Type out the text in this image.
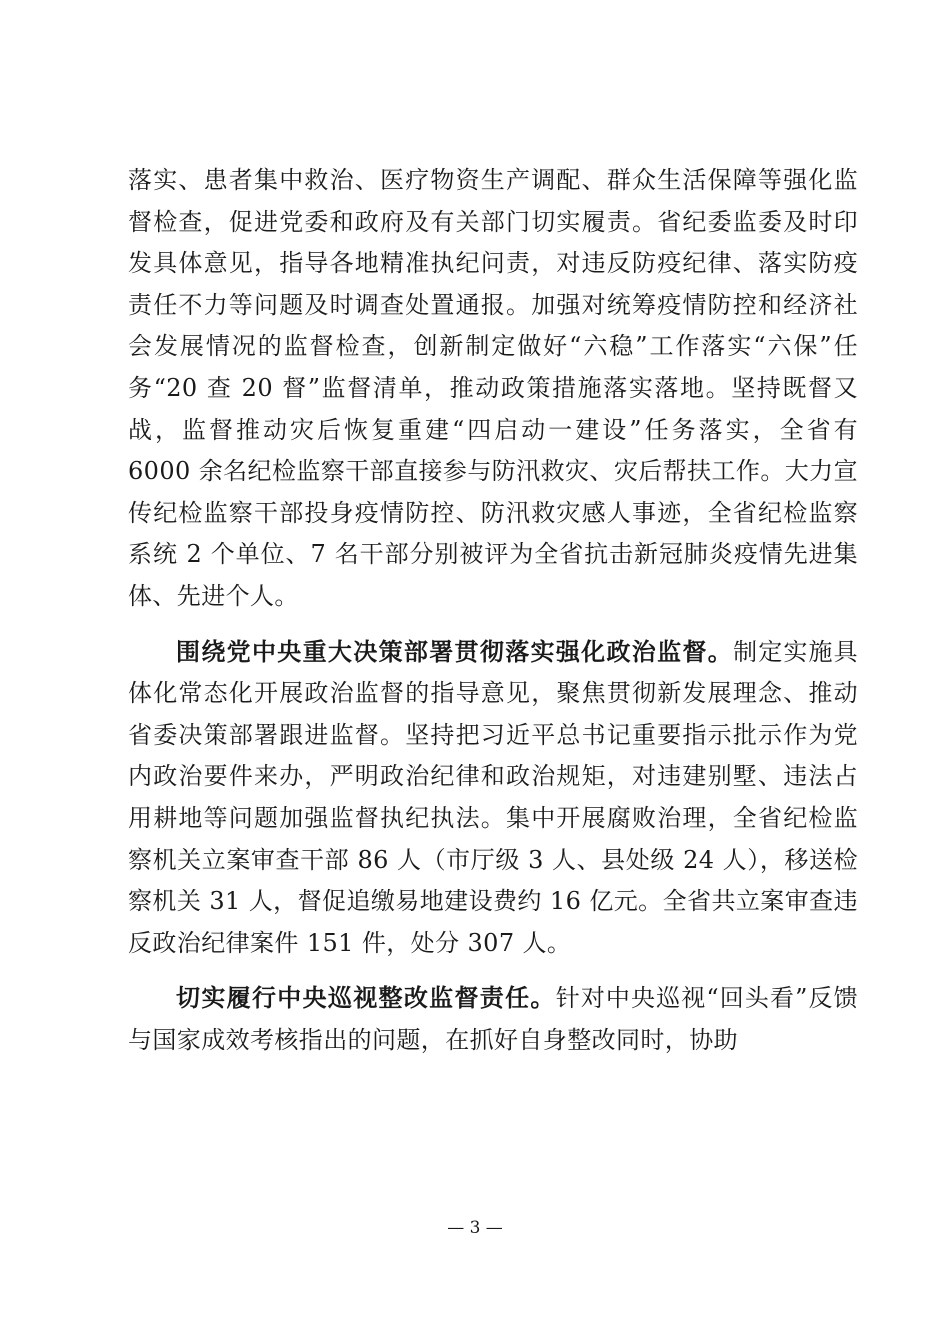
落实、患者集中救治、医疗物资生产调配、群众生活保障等强化监督检查，促进党委和政府及有关部门切实履责。省纪委监委及时印发具体意见，指导各地精准执纪问责，对违反防疫纪律、落实防疫责任不力等问题及时调查处置通报。加强对统筹疫情防控和经济社会发展情况的监督检查，创新制定做好“六稳”工作落实“六保”任务“20 查 20 督”监督清单，推动政策措施落实落地。坚持既督又战，监督推动灾后恢复重建“四启动一建设”任务落实，全省有 6000 余名纪检监察干部直接参与防汛救灾、灾后帮扶工作。大力宣传纪检监察干部投身疫情防控、防汛救灾感人事迹，全省纪检监察系统 2 个单位、7 名干部分别被评为全省抗击新冠肺炎疫情先进集体、先进个人。

围绕党中央重大决策部署贯彻落实强化政治监督。制定实施具体化常态化开展政治监督的指导意见，聚焦贯彻新发展理念、推动省委决策部署跟进监督。坚持把习近平总书记重要指示批示作为党内政治要件来办，严明政治纪律和政治规矩，对违建别墅、违法占用耕地等问题加强监督执纪执法。集中开展腐败治理，全省纪检监察机关立案审查干部 86 人（市厅级 3 人、县处级 24 人），移送检察机关 31 人，督促追缴易地建设费约 16 亿元。全省共立案审查违反政治纪律案件 151 件，处分 307 人。

切实履行中央巡视整改监督责任。针对中央巡视“回头看”反馈与国家成效考核指出的问题，在抓好自身整改同时，协助

— 3 —
